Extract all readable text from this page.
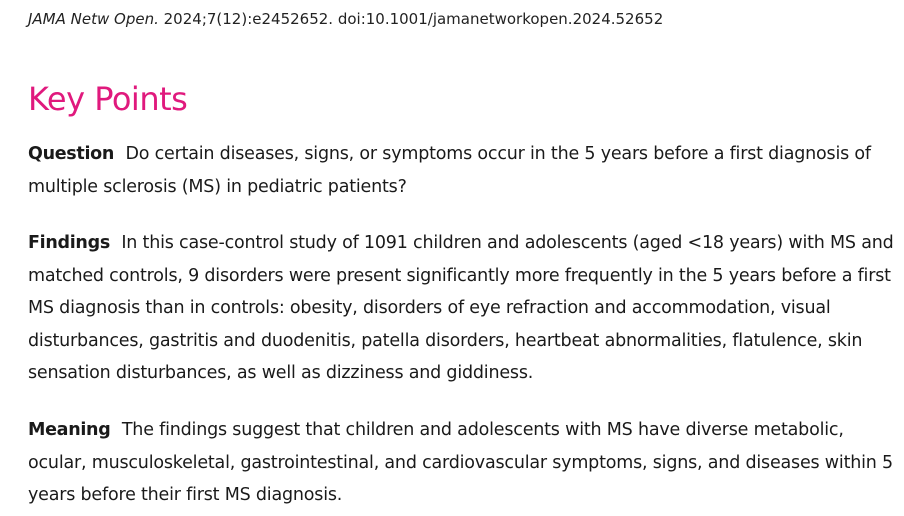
JAMA Netw Open. 2024;7(12):e2452652. doi:10.1001/jamanetworkopen.2024.52652
Key Points

Question Do certain diseases, signs, or symptoms occur in the 5 years before a first diagnosis of multiple sclerosis (MS) in pediatric patients?

Findings In this case-control study of 1091 children and adolescents (aged <18 years) with MS and matched controls, 9 disorders were present significantly more frequently in the 5 years before a first MS diagnosis than in controls: obesity, disorders of eye refraction and accommodation, visual disturbances, gastritis and duodenitis, patella disorders, heartbeat abnormalities, flatulence, skin sensation disturbances, as well as dizziness and giddiness.

Meaning The findings suggest that children and adolescents with MS have diverse metabolic, ocular, musculoskeletal, gastrointestinal, and cardiovascular symptoms, signs, and diseases within 5 years before their first MS diagnosis.
